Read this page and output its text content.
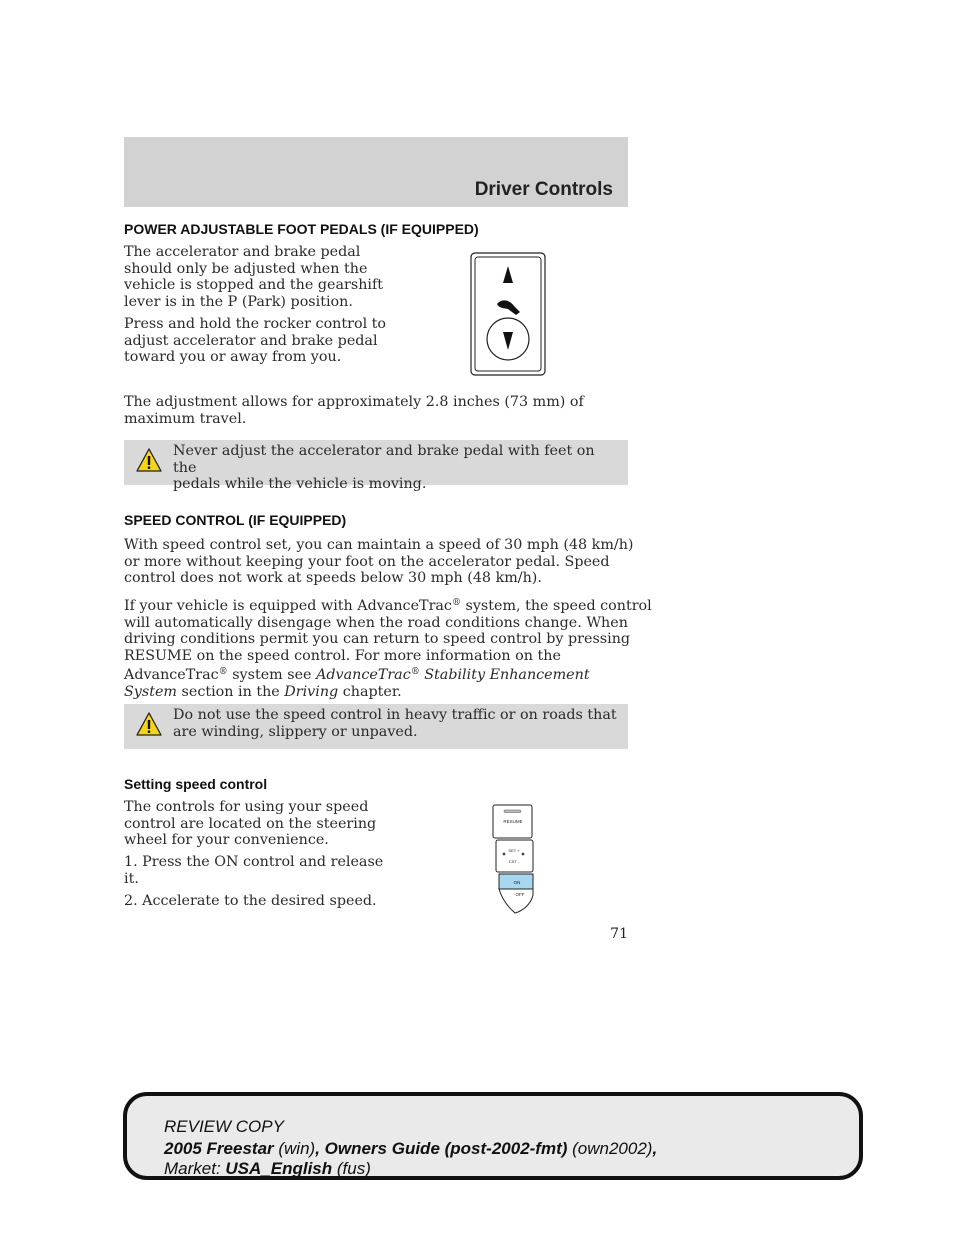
Driver Controls
POWER ADJUSTABLE FOOT PEDALS (IF EQUIPPED)
The accelerator and brake pedal
should only be adjusted when the
vehicle is stopped and the gearshift
lever is in the P (Park) position.
Press and hold the rocker control to
adjust accelerator and brake pedal
toward you or away from you.
The adjustment allows for approximately 2.8 inches (73 mm) of
maximum travel.
Never adjust the accelerator and brake pedal with feet on the
pedals while the vehicle is moving.
SPEED CONTROL (IF EQUIPPED)
With speed control set, you can maintain a speed of 30 mph (48 km/h)
or more without keeping your foot on the accelerator pedal. Speed
control does not work at speeds below 30 mph (48 km/h).
If your vehicle is equipped with AdvanceTrac® system, the speed control
will automatically disengage when the road conditions change. When
driving conditions permit you can return to speed control by pressing
RESUME on the speed control. For more information on the
AdvanceTrac® system see AdvanceTrac® Stability Enhancement
System section in the Driving chapter.
Do not use the speed control in heavy traffic or on roads that
are winding, slippery or unpaved.
Setting speed control
The controls for using your speed
control are located on the steering
wheel for your convenience.
1. Press the ON control and release
it.
2. Accelerate to the desired speed.
RESUME
SET +
CST -
ON
OFF
71
REVIEW COPY
2005 Freestar (win), Owners Guide (post-2002-fmt) (own2002),
Market: USA_English (fus)
